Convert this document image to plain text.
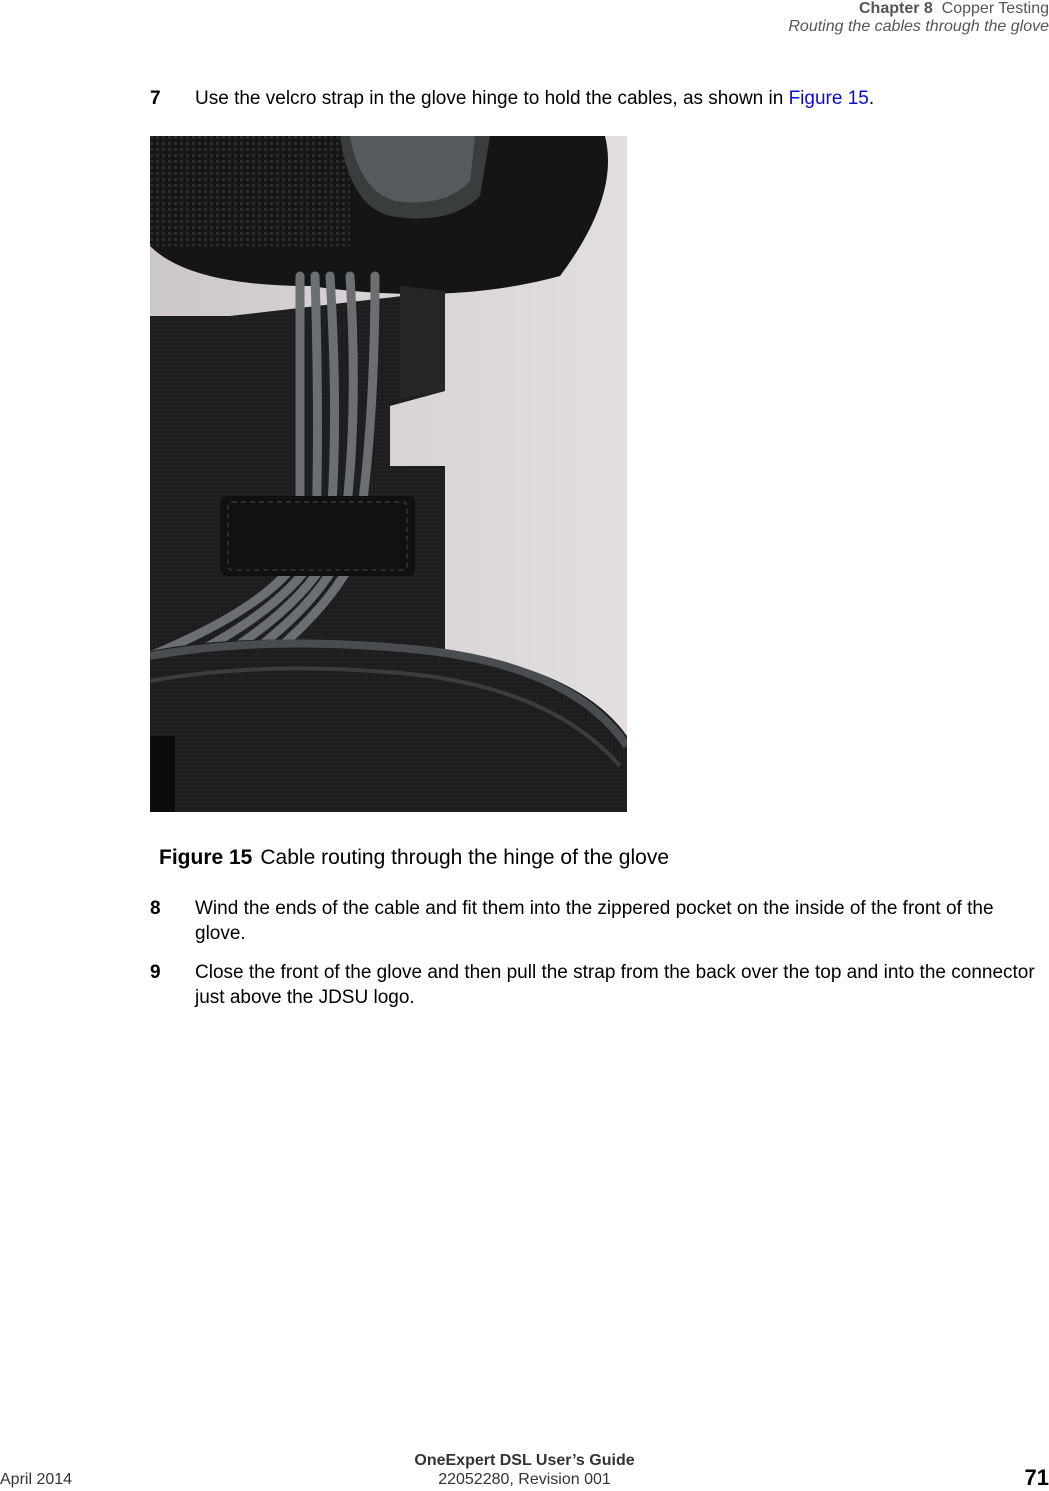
Chapter 8 Copper Testing
Routing the cables through the glove
7 Use the velcro strap in the glove hinge to hold the cables, as shown in Figure 15.
Figure 15 Cable routing through the hinge of the glove
8 Wind the ends of the cable and fit them into the zippered pocket on the inside of the front of the glove.
9 Close the front of the glove and then pull the strap from the back over the top and into the connector just above the JDSU logo.
OneExpert DSL User’s Guide
April 2014	22052280, Revision 001	71
